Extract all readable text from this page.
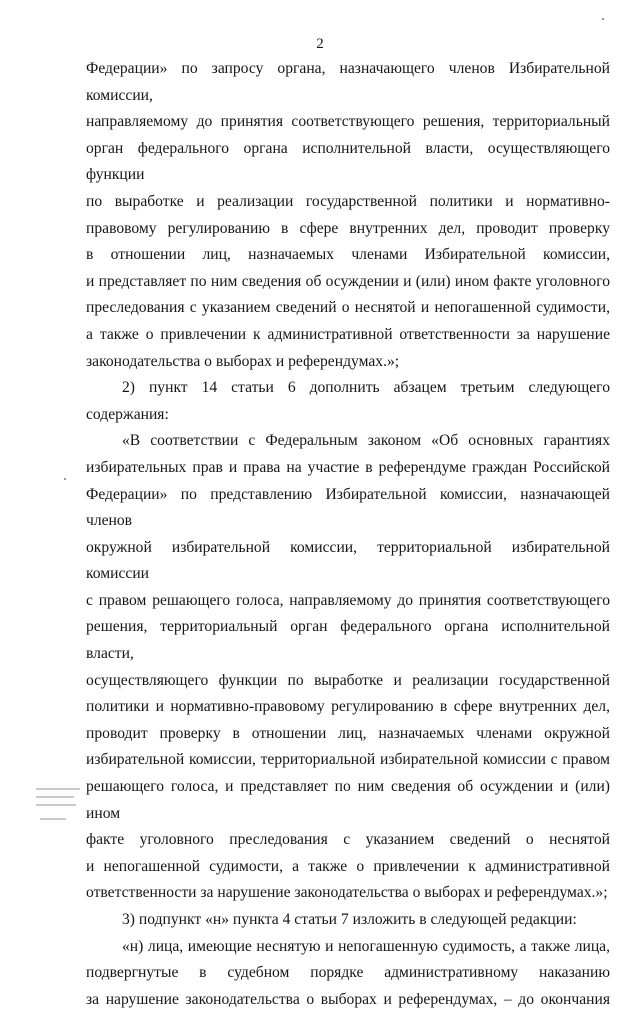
2

Федерации» по запросу органа, назначающего членов Избирательной комиссии,

направляемому до принятия соответствующего решения, территориальный

орган федерального органа исполнительной власти, осуществляющего функции

по выработке и реализации государственной политики и нормативно-

правовому регулированию в сфере внутренних дел, проводит проверку

в отношении лиц, назначаемых членами Избирательной комиссии,

и представляет по ним сведения об осуждении и (или) ином факте уголовного

преследования с указанием сведений о неснятой и непогашенной судимости,

а также о привлечении к административной ответственности за нарушение

законодательства о выборах и референдумах.»;

2) пункт 14 статьи 6 дополнить абзацем третьим следующего содержания:

«В соответствии с Федеральным законом «Об основных гарантиях

избирательных прав и права на участие в референдуме граждан Российской

Федерации» по представлению Избирательной комиссии, назначающей членов

окружной избирательной комиссии, территориальной избирательной комиссии

с правом решающего голоса, направляемому до принятия соответствующего

решения, территориальный орган федерального органа исполнительной власти,

осуществляющего функции по выработке и реализации государственной

политики и нормативно-правовому регулированию в сфере внутренних дел,

проводит проверку в отношении лиц, назначаемых членами окружной

избирательной комиссии, территориальной избирательной комиссии с правом

решающего голоса, и представляет по ним сведения об осуждении и (или) ином

факте уголовного преследования с указанием сведений о неснятой

и непогашенной судимости, а также о привлечении к административной

ответственности за нарушение законодательства о выборах и референдумах.»;

3) подпункт «н» пункта 4 статьи 7 изложить в следующей редакции:

«н) лица, имеющие неснятую и непогашенную судимость, а также лица,

подвергнутые в судебном порядке административному наказанию

за нарушение законодательства о выборах и референдумах, – до окончания
